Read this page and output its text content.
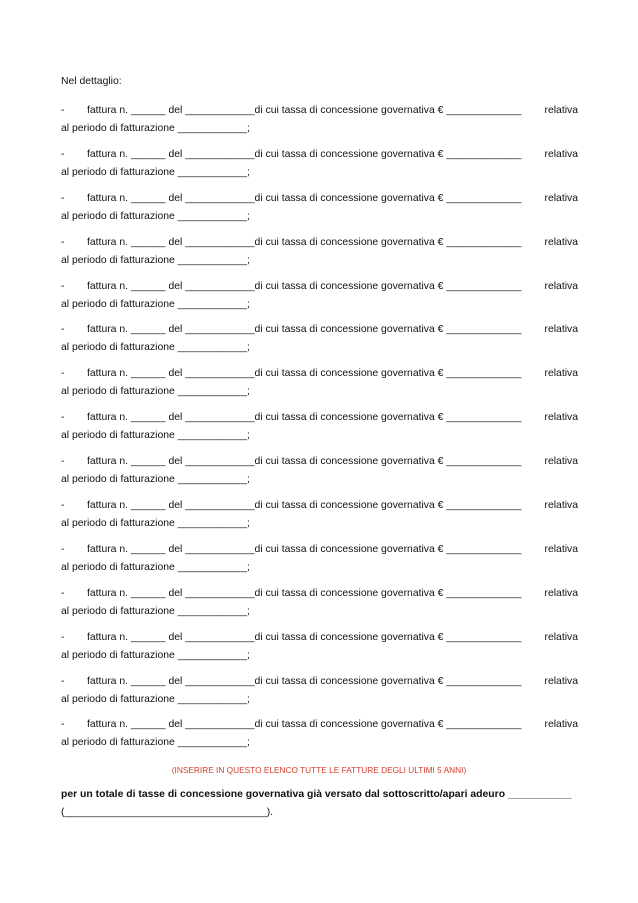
Nel dettaglio:
- fattura n. ______ del ____________di cui tassa di concessione governativa € _____________ relativa
al periodo di fatturazione ____________;
- fattura n. ______ del ____________di cui tassa di concessione governativa € _____________ relativa
al periodo di fatturazione ____________;
- fattura n. ______ del ____________di cui tassa di concessione governativa € _____________ relativa
al periodo di fatturazione ____________;
- fattura n. ______ del ____________di cui tassa di concessione governativa € _____________ relativa
al periodo di fatturazione ____________;
- fattura n. ______ del ____________di cui tassa di concessione governativa € _____________ relativa
al periodo di fatturazione ____________;
- fattura n. ______ del ____________di cui tassa di concessione governativa € _____________ relativa
al periodo di fatturazione ____________;
- fattura n. ______ del ____________di cui tassa di concessione governativa € _____________ relativa
al periodo di fatturazione ____________;
- fattura n. ______ del ____________di cui tassa di concessione governativa € _____________ relativa
al periodo di fatturazione ____________;
- fattura n. ______ del ____________di cui tassa di concessione governativa € _____________ relativa
al periodo di fatturazione ____________;
- fattura n. ______ del ____________di cui tassa di concessione governativa € _____________ relativa
al periodo di fatturazione ____________;
- fattura n. ______ del ____________di cui tassa di concessione governativa € _____________ relativa
al periodo di fatturazione ____________;
- fattura n. ______ del ____________di cui tassa di concessione governativa € _____________ relativa
al periodo di fatturazione ____________;
- fattura n. ______ del ____________di cui tassa di concessione governativa € _____________ relativa
al periodo di fatturazione ____________;
- fattura n. ______ del ____________di cui tassa di concessione governativa € _____________ relativa
al periodo di fatturazione ____________;
- fattura n. ______ del ____________di cui tassa di concessione governativa € _____________ relativa
al periodo di fatturazione ____________;
(INSERIRE IN QUESTO ELENCO TUTTE LE FATTURE DEGLI ULTIMI 5 ANNI)
per un totale di tasse di concessione governativa già versato dal sottoscritto/apari adeuro ___________
(___________________________________).
